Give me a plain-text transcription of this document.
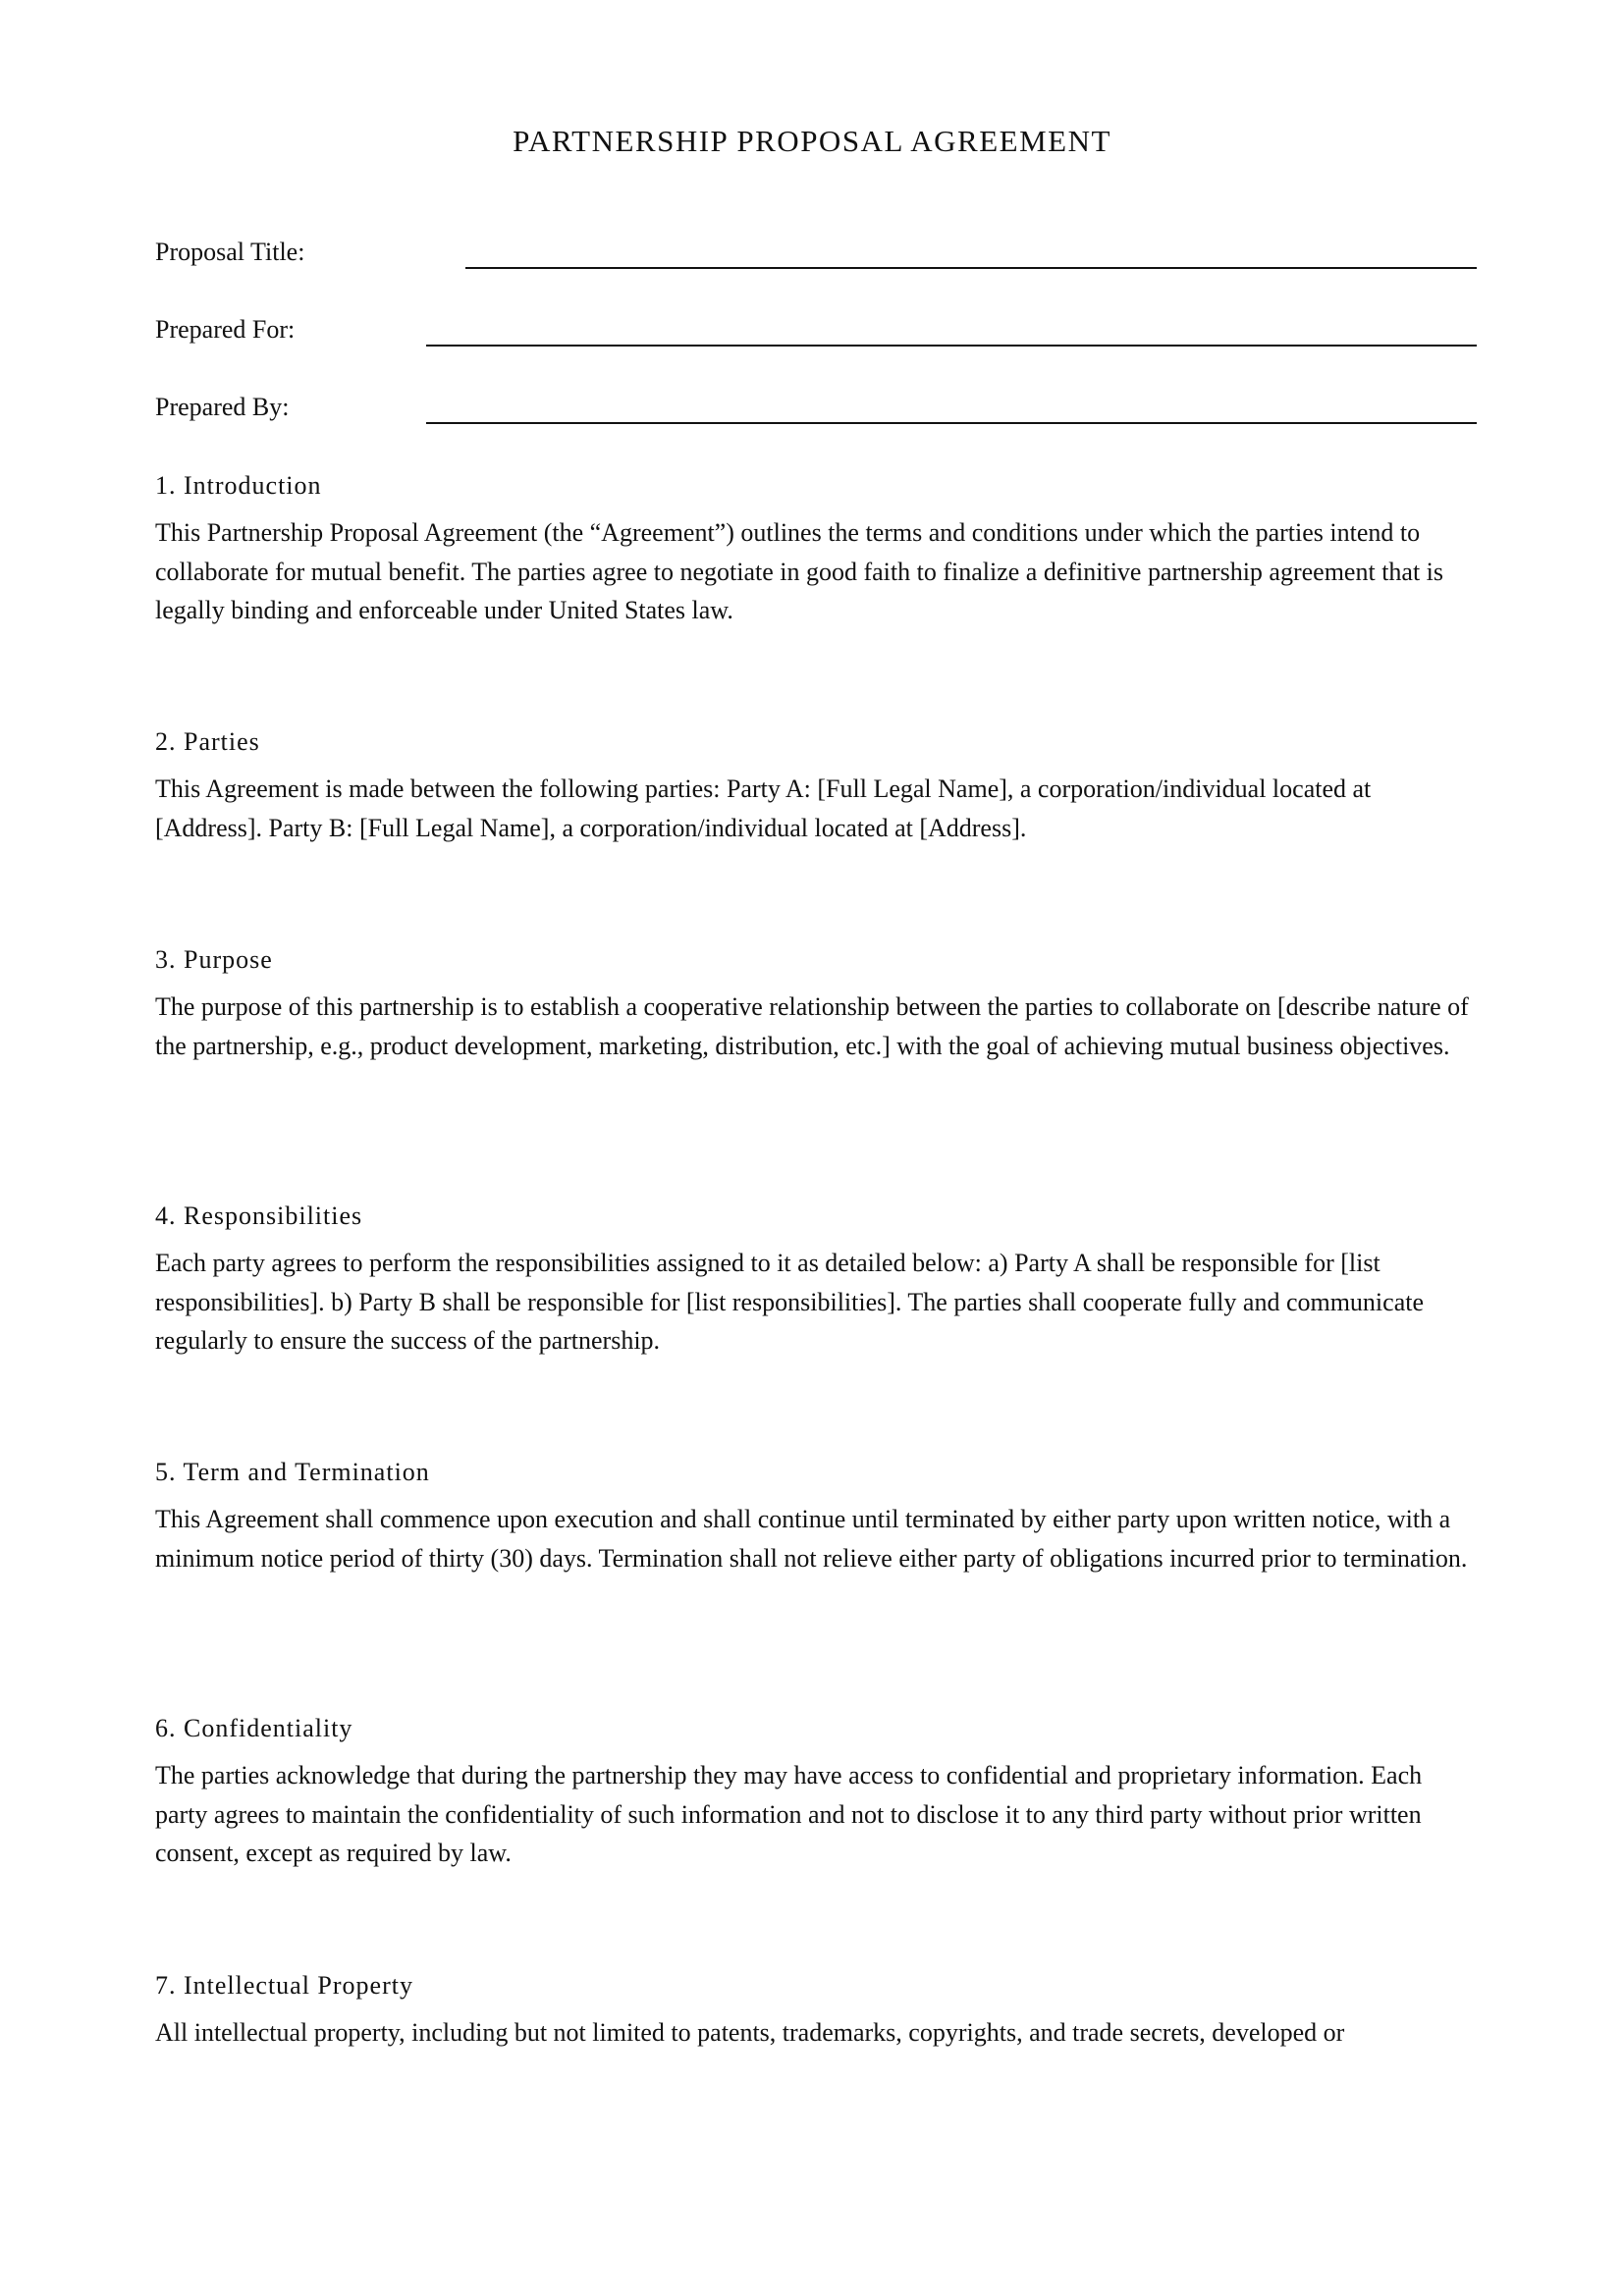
PARTNERSHIP PROPOSAL AGREEMENT
Proposal Title:
Prepared For:
Prepared By:
1. Introduction

This Partnership Proposal Agreement (the “Agreement”) outlines the terms and conditions under which the parties intend to collaborate for mutual benefit. The parties agree to negotiate in good faith to finalize a definitive partnership agreement that is legally binding and enforceable under United States law.

2. Parties

This Agreement is made between the following parties: Party A: [Full Legal Name], a corporation/individual located at [Address]. Party B: [Full Legal Name], a corporation/individual located at [Address].

3. Purpose

The purpose of this partnership is to establish a cooperative relationship between the parties to collaborate on [describe nature of the partnership, e.g., product development, marketing, distribution, etc.] with the goal of achieving mutual business objectives.

4. Responsibilities

Each party agrees to perform the responsibilities assigned to it as detailed below: a) Party A shall be responsible for [list responsibilities]. b) Party B shall be responsible for [list responsibilities]. The parties shall cooperate fully and communicate regularly to ensure the success of the partnership.

5. Term and Termination

This Agreement shall commence upon execution and shall continue until terminated by either party upon written notice, with a minimum notice period of thirty (30) days. Termination shall not relieve either party of obligations incurred prior to termination.

6. Confidentiality

The parties acknowledge that during the partnership they may have access to confidential and proprietary information. Each party agrees to maintain the confidentiality of such information and not to disclose it to any third party without prior written consent, except as required by law.

7. Intellectual Property

All intellectual property, including but not limited to patents, trademarks, copyrights, and trade secrets, developed or
